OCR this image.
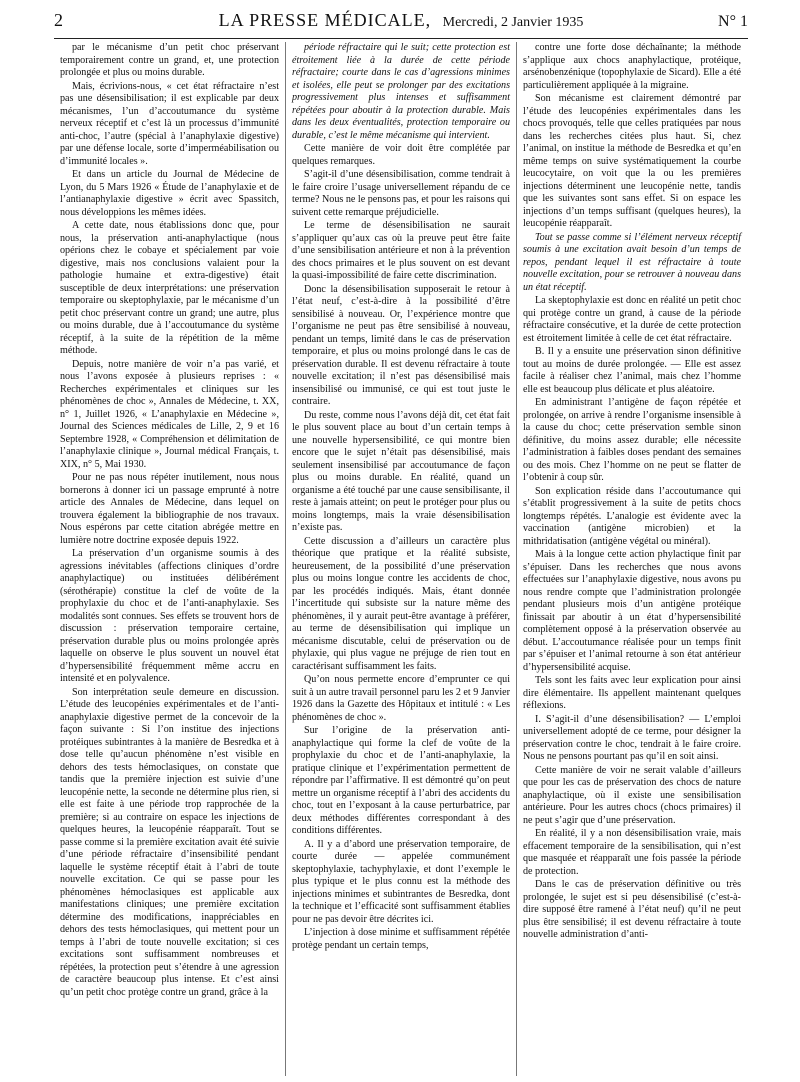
2	LA PRESSE MÉDICALE, Mercredi, 2 Janvier 1935	N° 1

par le mécanisme d’un petit choc préservant temporairement contre un grand, et, une protection prolongée et plus ou moins durable.

Mais, écrivions-nous, « cet état réfractaire n’est pas une désensibilisation; il est explicable par deux mécanismes, l’un d’accoutumance du système nerveux réceptif et c’est là un processus d’immunité anti-choc, l’autre (spécial à l’anaphylaxie digestive) par une défense locale, sorte d’imperméabilisation ou d’immunité locales ».

Et dans un article du Journal de Médecine de Lyon, du 5 Mars 1926 « Étude de l’anaphylaxie et de l’antianaphylaxie digestive » écrit avec Spassitch, nous développions les mêmes idées.

A cette date, nous établissions donc que, pour nous, la préservation anti-anaphylactique (nous opérions chez le cobaye et spécialement par voie digestive, mais nos conclusions valaient pour la pathologie humaine et extra-digestive) était susceptible de deux interprétations: une préservation temporaire ou skeptophylaxie, par le mécanisme d’un petit choc préservant contre un grand; une autre, plus ou moins durable, due à l’accoutumance du système réceptif, à la suite de la répétition de la même méthode.

Depuis, notre manière de voir n’a pas varié, et nous l’avons exposée à plusieurs reprises : « Recherches expérimentales et cliniques sur les phénomènes de choc », Annales de Médecine, t. XX, n° 1, Juillet 1926, « L’anaphylaxie en Médecine », Journal des Sciences médicales de Lille, 2, 9 et 16 Septembre 1928, « Compréhension et délimitation de l’anaphylaxie clinique », Journal médical Français, t. XIX, n° 5, Mai 1930.

Pour ne pas nous répéter inutilement, nous nous bornerons à donner ici un passage emprunté à notre article des Annales de Médecine, dans lequel on trouvera également la bibliographie de nos travaux. Nous espérons par cette citation abrégée mettre en lumière notre doctrine exposée depuis 1922.

La préservation d’un organisme soumis à des agressions inévitables (affections cliniques d’ordre anaphylactique) ou instituées délibérément (sérothérapie) constitue la clef de voûte de la prophylaxie du choc et de l’anti-anaphylaxie. Ses modalités sont connues. Ses effets se trouvent hors de discussion : préservation temporaire certaine, préservation durable plus ou moins prolongée après laquelle on observe le plus souvent un nouvel état d’hypersensibilité fréquemment même accru en intensité et en polyvalence.

Son interprétation seule demeure en discussion. L’étude des leucopénies expérimentales et de l’anti-anaphylaxie digestive permet de la concevoir de la façon suivante : Si l’on institue des injections protéiques subintrantes à la manière de Besredka et à dose telle qu’aucun phénomène n’est visible en dehors des tests hémoclasiques, on constate que tandis que la première injection est suivie d’une leucopénie nette, la seconde ne détermine plus rien, si elle est faite à une période trop rapprochée de la première; si au contraire on espace les injections de quelques heures, la leucopénie réapparaît. Tout se passe comme si la première excitation avait été suivie d’une période réfractaire d’insensibilité pendant laquelle le système réceptif était à l’abri de toute nouvelle excitation. Ce qui se passe pour les phénomènes hémoclasiques est applicable aux manifestations cliniques; une première excitation détermine des modifications, inappréciables en dehors des tests hémoclasiques, qui mettent pour un temps à l’abri de toute nouvelle excitation; si ces excitations sont suffisamment nombreuses et répétées, la protection peut s’étendre à une agression de caractère beaucoup plus intense. Et c’est ainsi qu’un petit choc protège contre un grand, grâce à la

période réfractaire qui le suit; cette protection est étroitement liée à la durée de cette période réfractaire; courte dans le cas d’agressions minimes et isolées, elle peut se prolonger par des excitations progressivement plus intenses et suffisamment répétées pour aboutir à la protection durable. Mais dans les deux éventualités, protection temporaire ou durable, c’est le même mécanisme qui intervient.

Cette manière de voir doit être complétée par quelques remarques.

S’agit-il d’une désensibilisation, comme tendrait à le faire croire l’usage universellement répandu de ce terme? Nous ne le pensons pas, et pour les raisons qui suivent cette remarque préjudicielle.

Le terme de désensibilisation ne saurait s’appliquer qu’aux cas où la preuve peut être faite d’une sensibilisation antérieure et non à la prévention des chocs primaires et le plus souvent on est devant la quasi-impossibilité de faire cette discrimination.

Donc la désensibilisation supposerait le retour à l’état neuf, c’est-à-dire à la possibilité d’être sensibilisé à nouveau. Or, l’expérience montre que l’organisme ne peut pas être sensibilisé à nouveau, pendant un temps, limité dans le cas de préservation temporaire, et plus ou moins prolongé dans le cas de préservation durable. Il est devenu réfractaire à toute nouvelle excitation; il n’est pas désensibilisé mais insensibilisé ou immunisé, ce qui est tout juste le contraire.

Du reste, comme nous l’avons déjà dit, cet état fait le plus souvent place au bout d’un certain temps à une nouvelle hypersensibilité, ce qui montre bien encore que le sujet n’était pas désensibilisé, mais seulement insensibilisé par accoutumance de façon plus ou moins durable. En réalité, quand un organisme a été touché par une cause sensibilisante, il reste à jamais atteint; on peut le protéger pour plus ou moins longtemps, mais la vraie désensibilisation n’existe pas.

Cette discussion a d’ailleurs un caractère plus théorique que pratique et la réalité subsiste, heureusement, de la possibilité d’une préservation plus ou moins longue contre les accidents de choc, par les procédés indiqués. Mais, étant donnée l’incertitude qui subsiste sur la nature même des phénomènes, il y aurait peut-être avantage à préférer, au terme de désensibilisation qui implique un mécanisme discutable, celui de préservation ou de phylaxie, qui plus vague ne préjuge de rien tout en caractérisant suffisamment les faits.

Qu’on nous permette encore d’emprunter ce qui suit à un autre travail personnel paru les 2 et 9 Janvier 1926 dans la Gazette des Hôpitaux et intitulé : « Les phénomènes de choc ».

Sur l’origine de la préservation anti-anaphylactique qui forme la clef de voûte de la prophylaxie du choc et de l’anti-anaphylaxie, la pratique clinique et l’expérimentation permettent de répondre par l’affirmative. Il est démontré qu’on peut mettre un organisme réceptif à l’abri des accidents du choc, tout en l’exposant à la cause perturbatrice, par deux méthodes différentes correspondant à des conditions différentes.

A. Il y a d’abord une préservation temporaire, de courte durée — appelée communément skeptophylaxie, tachyphylaxie, et dont l’exemple le plus typique et le plus connu est la méthode des injections minimes et subintrantes de Besredka, dont la technique et l’efficacité sont suffisamment établies pour ne pas devoir être décrites ici.

L’injection à dose minime et suffisamment répétée protège pendant un certain temps,

contre une forte dose déchaînante; la méthode s’applique aux chocs anaphylactique, protéique, arsénobenzénique (topophylaxie de Sicard). Elle a été particulièrement appliquée à la migraine.

Son mécanisme est clairement démontré par l’étude des leucopénies expérimentales dans les chocs provoqués, telle que celles pratiquées par nous dans les recherches citées plus haut. Si, chez l’animal, on institue la méthode de Besredka et qu’en même temps on suive systématiquement la courbe leucocytaire, on voit que la ou les premières injections déterminent une leucopénie nette, tandis que les suivantes sont sans effet. Si on espace les injections d’un temps suffisant (quelques heures), la leucopénie réapparaît.

Tout se passe comme si l’élément nerveux réceptif soumis à une excitation avait besoin d’un temps de repos, pendant lequel il est réfractaire à toute nouvelle excitation, pour se retrouver à nouveau dans un état réceptif.

La skeptophylaxie est donc en réalité un petit choc qui protège contre un grand, à cause de la période réfractaire consécutive, et la durée de cette protection est étroitement limitée à celle de cet état réfractaire.

B. Il y a ensuite une préservation sinon définitive tout au moins de durée prolongée. — Elle est assez facile à réaliser chez l’animal, mais chez l’homme elle est beaucoup plus délicate et plus aléatoire.

En administrant l’antigène de façon répétée et prolongée, on arrive à rendre l’organisme insensible à la cause du choc; cette préservation semble sinon définitive, du moins assez durable; elle nécessite l’administration à faibles doses pendant des semaines ou des mois. Chez l’homme on ne peut se flatter de l’obtenir à coup sûr.

Son explication réside dans l’accoutumance qui s’établit progressivement à la suite de petits chocs longtemps répétés. L’analogie est évidente avec la vaccination (antigène microbien) et la mithridatisation (antigène végétal ou minéral).

Mais à la longue cette action phylactique finit par s’épuiser. Dans les recherches que nous avons effectuées sur l’anaphylaxie digestive, nous avons pu nous rendre compte que l’administration prolongée pendant plusieurs mois d’un antigène protéique finissait par aboutir à un état d’hypersensibilité complètement opposé à la préservation observée au début. L’accoutumance réalisée pour un temps finit par s’épuiser et l’animal retourne à son état antérieur d’hypersensibilité acquise.

Tels sont les faits avec leur explication pour ainsi dire élémentaire. Ils appellent maintenant quelques réflexions.

I. S’agit-il d’une désensibilisation? — L’emploi universellement adopté de ce terme, pour désigner la préservation contre le choc, tendrait à le faire croire. Nous ne pensons pourtant pas qu’il en soit ainsi.

Cette manière de voir ne serait valable d’ailleurs que pour les cas de préservation des chocs de nature anaphylactique, où il existe une sensibilisation antérieure. Pour les autres chocs (chocs primaires) il ne peut s’agir que d’une préservation.

En réalité, il y a non désensibilisation vraie, mais effacement temporaire de la sensibilisation, qui n’est que masquée et réapparaît une fois passée la période de protection.

Dans le cas de préservation définitive ou très prolongée, le sujet est si peu désensibilisé (c’est-à-dire supposé être ramené à l’état neuf) qu’il ne peut plus être sensibilisé; il est devenu réfractaire à toute nouvelle administration d’anti-
